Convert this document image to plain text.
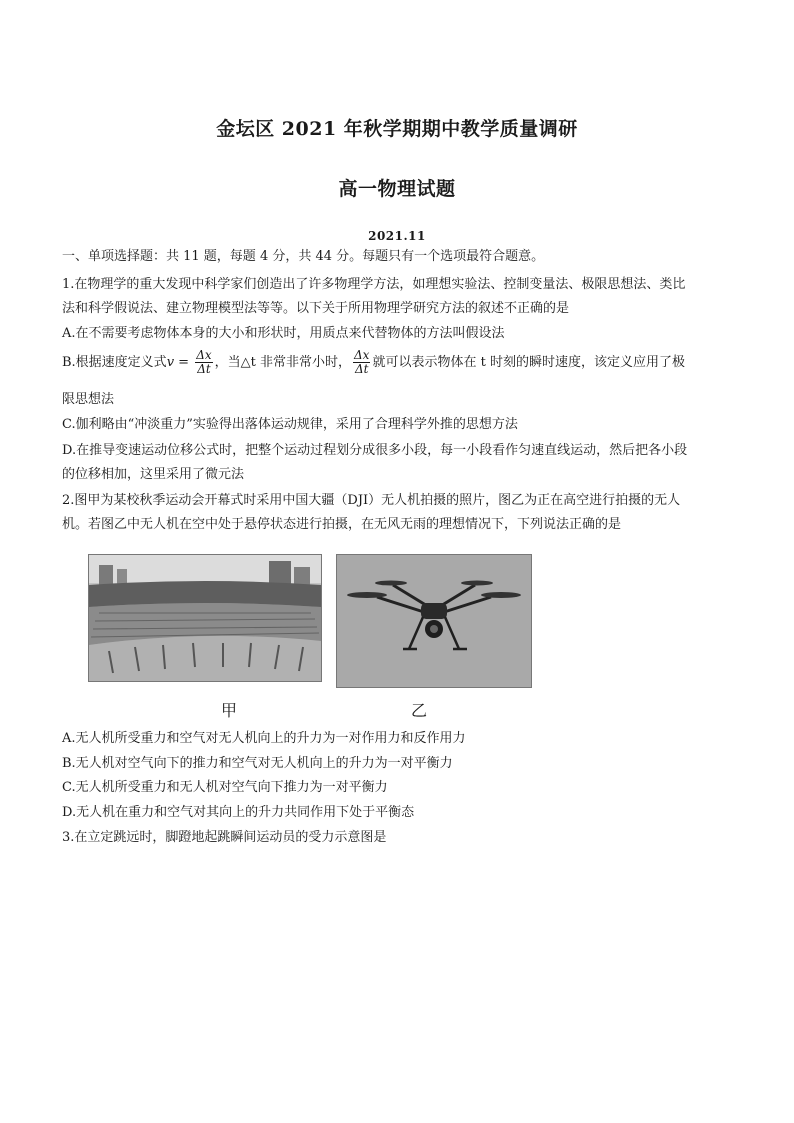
金坛区 2021 年秋学期期中教学质量调研
高一物理试题
2021.11
一、单项选择题：共 11 题，每题 4 分，共 44 分。每题只有一个选项最符合题意。
1.在物理学的重大发现中科学家们创造出了许多物理学方法，如理想实验法、控制变量法、极限思想法、类比
法和科学假说法、建立物理模型法等等。以下关于所用物理学研究方法的叙述不正确的是
A.在不需要考虑物体本身的大小和形状时，用质点来代替物体的方法叫假设法
B.根据速度定义式$v = \frac{\Delta x}{\Delta t}$ ，当△t 非常非常小时， $\frac{\Delta x}{\Delta t}$ 就可以表示物体在 t 时刻的瞬时速度，该定义应用了极
限思想法
C.伽利略由“冲淡重力”实验得出落体运动规律，采用了合理科学外推的思想方法
D.在推导变速运动位移公式时，把整个运动过程划分成很多小段，每一小段看作匀速直线运动，然后把各小段
的位移相加，这里采用了微元法
2.图甲为某校秋季运动会开幕式时采用中国大疆（DJI）无人机拍摄的照片，图乙为正在高空进行拍摄的无人
机。若图乙中无人机在空中处于悬停状态进行拍摄，在无风无雨的理想情况下，下列说法正确的是
甲	乙
A.无人机所受重力和空气对无人机向上的升力为一对作用力和反作用力
B.无人机对空气向下的推力和空气对无人机向上的升力为一对平衡力
C.无人机所受重力和无人机对空气向下推力为一对平衡力
D.无人机在重力和空气对其向上的升力共同作用下处于平衡态
3.在立定跳远时，脚蹬地起跳瞬间运动员的受力示意图是
